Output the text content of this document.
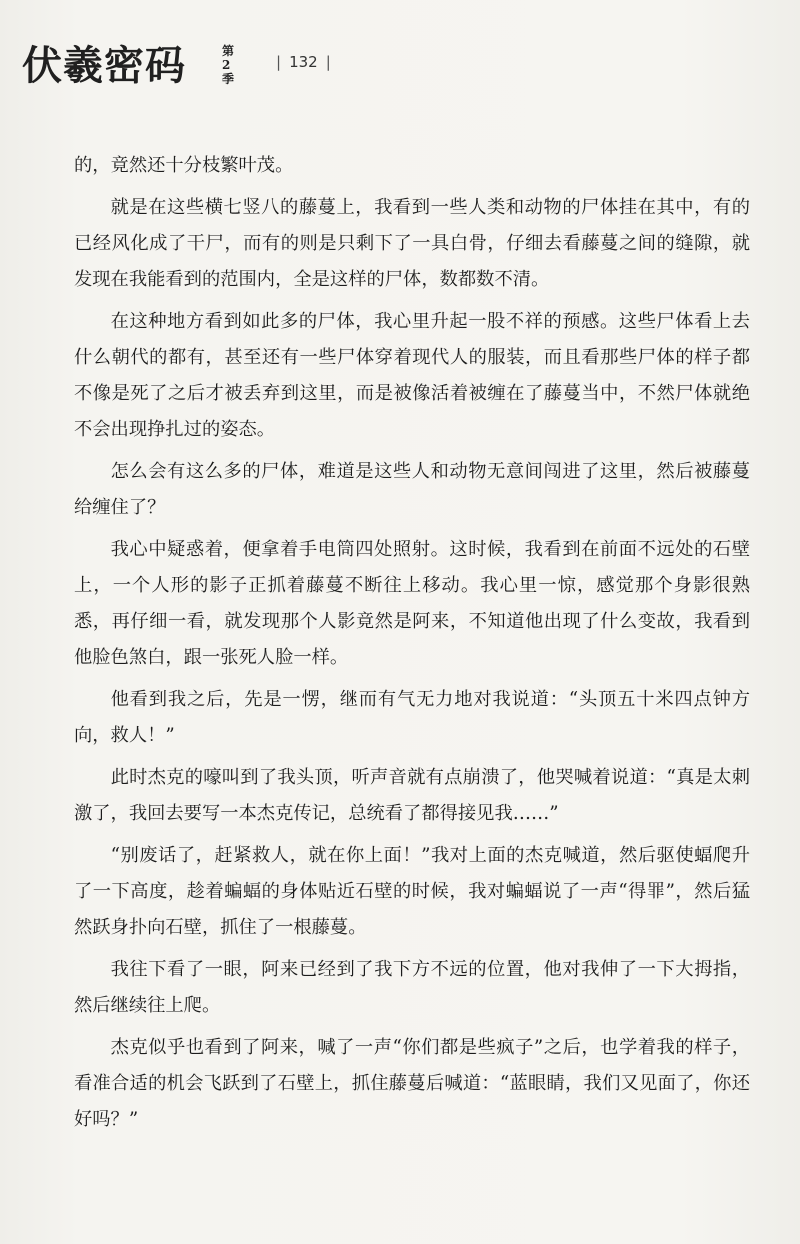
伏羲密码	第2季
| 132 |

的，竟然还十分枝繁叶茂。

就是在这些横七竖八的藤蔓上，我看到一些人类和动物的尸体挂在其中，有的已经风化成了干尸，而有的则是只剩下了一具白骨，仔细去看藤蔓之间的缝隙，就发现在我能看到的范围内，全是这样的尸体，数都数不清。

在这种地方看到如此多的尸体，我心里升起一股不祥的预感。这些尸体看上去什么朝代的都有，甚至还有一些尸体穿着现代人的服装，而且看那些尸体的样子都不像是死了之后才被丢弃到这里，而是被像活着被缠在了藤蔓当中，不然尸体就绝不会出现挣扎过的姿态。

怎么会有这么多的尸体，难道是这些人和动物无意间闯进了这里，然后被藤蔓给缠住了？

我心中疑惑着，便拿着手电筒四处照射。这时候，我看到在前面不远处的石壁上，一个人形的影子正抓着藤蔓不断往上移动。我心里一惊，感觉那个身影很熟悉，再仔细一看，就发现那个人影竟然是阿来，不知道他出现了什么变故，我看到他脸色煞白，跟一张死人脸一样。

他看到我之后，先是一愣，继而有气无力地对我说道：“头顶五十米四点钟方向，救人！”

此时杰克的嚎叫到了我头顶，听声音就有点崩溃了，他哭喊着说道：“真是太刺激了，我回去要写一本杰克传记，总统看了都得接见我……”

“别废话了，赶紧救人，就在你上面！”我对上面的杰克喊道，然后驱使蝠爬升了一下高度，趁着蝙蝠的身体贴近石壁的时候，我对蝙蝠说了一声“得罪”，然后猛然跃身扑向石壁，抓住了一根藤蔓。

我往下看了一眼，阿来已经到了我下方不远的位置，他对我伸了一下大拇指，然后继续往上爬。

杰克似乎也看到了阿来，喊了一声“你们都是些疯子”之后，也学着我的样子，看准合适的机会飞跃到了石壁上，抓住藤蔓后喊道：“蓝眼睛，我们又见面了，你还好吗？”
